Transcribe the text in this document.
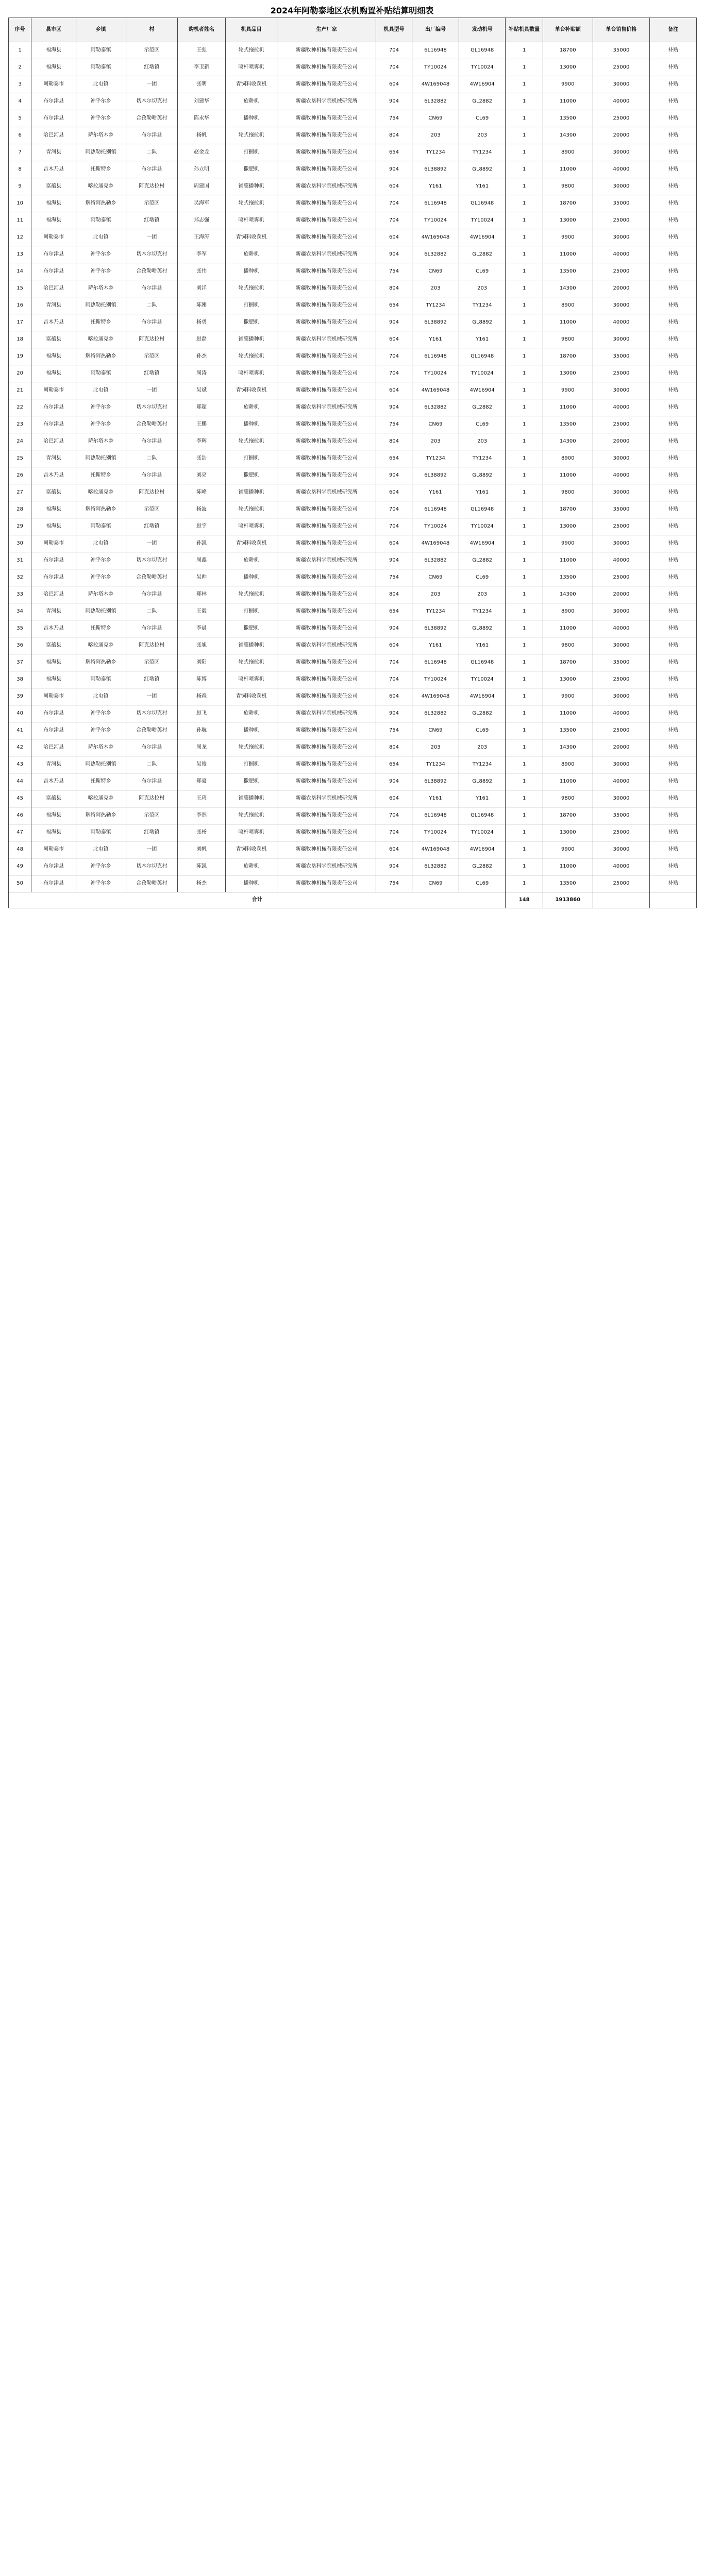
2024年阿勒泰地区农机购置补贴结算明细表
序号	县市区	乡镇	村	购机者姓名	机具品目	生产厂家	机具型号	出厂编号	发动机号	补贴机具数量	单台补贴额	单台销售价格	备注
1	福海县	阿勒泰镇	示范区	王强	轮式拖拉机	新疆牧神机械有限责任公司	704	6L16948	GL16948	1	18700	35000	补贴
2	福海县	阿勒泰镇	红墩镇	李卫新	喷杆喷雾机	新疆牧神机械有限责任公司	704	TY10024	TY10024	1	13000	25000	补贴
3	阿勒泰市	北屯镇	一团	张明	青饲料收获机	新疆牧神机械有限责任公司	604	4W169048	4W16904	1	9900	30000	补贴
4	布尔津县	冲乎尔乡	切木尔切克村	刘建华	旋耕机	新疆农垦科学院机械研究所	904	6L32882	GL2882	1	11000	40000	补贴
5	布尔津县	冲乎尔乡	合孜勒哈英村	陈永华	播种机	新疆牧神机械有限责任公司	754	CN69	CL69	1	13500	25000	补贴
6	哈巴河县	萨尔塔木乡	布尔津县	杨帆	轮式拖拉机	新疆牧神机械有限责任公司	804	203	203	1	14300	20000	补贴
7	青河县	阿热勒托别镇	二队	赵金龙	打捆机	新疆牧神机械有限责任公司	654	TY1234	TY1234	1	8900	30000	补贴
8	吉木乃县	托斯特乡	布尔津县	孙立明	撒肥机	新疆牧神机械有限责任公司	904	6L38892	GL8892	1	11000	40000	补贴
9	富蕴县	喀拉通克乡	阿克达拉村	周建国	铺膜播种机	新疆农垦科学院机械研究所	604	Y161	Y161	1	9800	30000	补贴
10	福海县	解特阿热勒乡	示范区	吴海军	轮式拖拉机	新疆牧神机械有限责任公司	704	6L16948	GL16948	1	18700	35000	补贴
11	福海县	阿勒泰镇	红墩镇	郑志强	喷杆喷雾机	新疆牧神机械有限责任公司	704	TY10024	TY10024	1	13000	25000	补贴
12	阿勒泰市	北屯镇	一团	王海涛	青饲料收获机	新疆牧神机械有限责任公司	604	4W169048	4W16904	1	9900	30000	补贴
13	布尔津县	冲乎尔乡	切木尔切克村	李军	旋耕机	新疆农垦科学院机械研究所	904	6L32882	GL2882	1	11000	40000	补贴
14	布尔津县	冲乎尔乡	合孜勒哈英村	张伟	播种机	新疆牧神机械有限责任公司	754	CN69	CL69	1	13500	25000	补贴
15	哈巴河县	萨尔塔木乡	布尔津县	刘洋	轮式拖拉机	新疆牧神机械有限责任公司	804	203	203	1	14300	20000	补贴
16	青河县	阿热勒托别镇	二队	陈刚	打捆机	新疆牧神机械有限责任公司	654	TY1234	TY1234	1	8900	30000	补贴
17	吉木乃县	托斯特乡	布尔津县	杨勇	撒肥机	新疆牧神机械有限责任公司	904	6L38892	GL8892	1	11000	40000	补贴
18	富蕴县	喀拉通克乡	阿克达拉村	赵磊	铺膜播种机	新疆农垦科学院机械研究所	604	Y161	Y161	1	9800	30000	补贴
19	福海县	解特阿热勒乡	示范区	孙杰	轮式拖拉机	新疆牧神机械有限责任公司	704	6L16948	GL16948	1	18700	35000	补贴
20	福海县	阿勒泰镇	红墩镇	周涛	喷杆喷雾机	新疆牧神机械有限责任公司	704	TY10024	TY10024	1	13000	25000	补贴
21	阿勒泰市	北屯镇	一团	吴斌	青饲料收获机	新疆牧神机械有限责任公司	604	4W169048	4W16904	1	9900	30000	补贴
22	布尔津县	冲乎尔乡	切木尔切克村	郑超	旋耕机	新疆农垦科学院机械研究所	904	6L32882	GL2882	1	11000	40000	补贴
23	布尔津县	冲乎尔乡	合孜勒哈英村	王鹏	播种机	新疆牧神机械有限责任公司	754	CN69	CL69	1	13500	25000	补贴
24	哈巴河县	萨尔塔木乡	布尔津县	李辉	轮式拖拉机	新疆牧神机械有限责任公司	804	203	203	1	14300	20000	补贴
25	青河县	阿热勒托别镇	二队	张浩	打捆机	新疆牧神机械有限责任公司	654	TY1234	TY1234	1	8900	30000	补贴
26	吉木乃县	托斯特乡	布尔津县	刘亮	撒肥机	新疆牧神机械有限责任公司	904	6L38892	GL8892	1	11000	40000	补贴
27	富蕴县	喀拉通克乡	阿克达拉村	陈峰	铺膜播种机	新疆农垦科学院机械研究所	604	Y161	Y161	1	9800	30000	补贴
28	福海县	解特阿热勒乡	示范区	杨波	轮式拖拉机	新疆牧神机械有限责任公司	704	6L16948	GL16948	1	18700	35000	补贴
29	福海县	阿勒泰镇	红墩镇	赵宇	喷杆喷雾机	新疆牧神机械有限责任公司	704	TY10024	TY10024	1	13000	25000	补贴
30	阿勒泰市	北屯镇	一团	孙凯	青饲料收获机	新疆牧神机械有限责任公司	604	4W169048	4W16904	1	9900	30000	补贴
31	布尔津县	冲乎尔乡	切木尔切克村	周鑫	旋耕机	新疆农垦科学院机械研究所	904	6L32882	GL2882	1	11000	40000	补贴
32	布尔津县	冲乎尔乡	合孜勒哈英村	吴帅	播种机	新疆牧神机械有限责任公司	754	CN69	CL69	1	13500	25000	补贴
33	哈巴河县	萨尔塔木乡	布尔津县	郑林	轮式拖拉机	新疆牧神机械有限责任公司	804	203	203	1	14300	20000	补贴
34	青河县	阿热勒托别镇	二队	王毅	打捆机	新疆牧神机械有限责任公司	654	TY1234	TY1234	1	8900	30000	补贴
35	吉木乃县	托斯特乡	布尔津县	李晨	撒肥机	新疆牧神机械有限责任公司	904	6L38892	GL8892	1	11000	40000	补贴
36	富蕴县	喀拉通克乡	阿克达拉村	张旭	铺膜播种机	新疆农垦科学院机械研究所	604	Y161	Y161	1	9800	30000	补贴
37	福海县	解特阿热勒乡	示范区	刘阳	轮式拖拉机	新疆牧神机械有限责任公司	704	6L16948	GL16948	1	18700	35000	补贴
38	福海县	阿勒泰镇	红墩镇	陈博	喷杆喷雾机	新疆牧神机械有限责任公司	704	TY10024	TY10024	1	13000	25000	补贴
39	阿勒泰市	北屯镇	一团	杨森	青饲料收获机	新疆牧神机械有限责任公司	604	4W169048	4W16904	1	9900	30000	补贴
40	布尔津县	冲乎尔乡	切木尔切克村	赵飞	旋耕机	新疆农垦科学院机械研究所	904	6L32882	GL2882	1	11000	40000	补贴
41	布尔津县	冲乎尔乡	合孜勒哈英村	孙航	播种机	新疆牧神机械有限责任公司	754	CN69	CL69	1	13500	25000	补贴
42	哈巴河县	萨尔塔木乡	布尔津县	周龙	轮式拖拉机	新疆牧神机械有限责任公司	804	203	203	1	14300	20000	补贴
43	青河县	阿热勒托别镇	二队	吴俊	打捆机	新疆牧神机械有限责任公司	654	TY1234	TY1234	1	8900	30000	补贴
44	吉木乃县	托斯特乡	布尔津县	郑豪	撒肥机	新疆牧神机械有限责任公司	904	6L38892	GL8892	1	11000	40000	补贴
45	富蕴县	喀拉通克乡	阿克达拉村	王琦	铺膜播种机	新疆农垦科学院机械研究所	604	Y161	Y161	1	9800	30000	补贴
46	福海县	解特阿热勒乡	示范区	李然	轮式拖拉机	新疆牧神机械有限责任公司	704	6L16948	GL16948	1	18700	35000	补贴
47	福海县	阿勒泰镇	红墩镇	张杨	喷杆喷雾机	新疆牧神机械有限责任公司	704	TY10024	TY10024	1	13000	25000	补贴
48	阿勒泰市	北屯镇	一团	刘帆	青饲料收获机	新疆牧神机械有限责任公司	604	4W169048	4W16904	1	9900	30000	补贴
49	布尔津县	冲乎尔乡	切木尔切克村	陈凯	旋耕机	新疆农垦科学院机械研究所	904	6L32882	GL2882	1	11000	40000	补贴
50	布尔津县	冲乎尔乡	合孜勒哈英村	杨杰	播种机	新疆牧神机械有限责任公司	754	CN69	CL69	1	13500	25000	补贴
合计										148	1913860		
